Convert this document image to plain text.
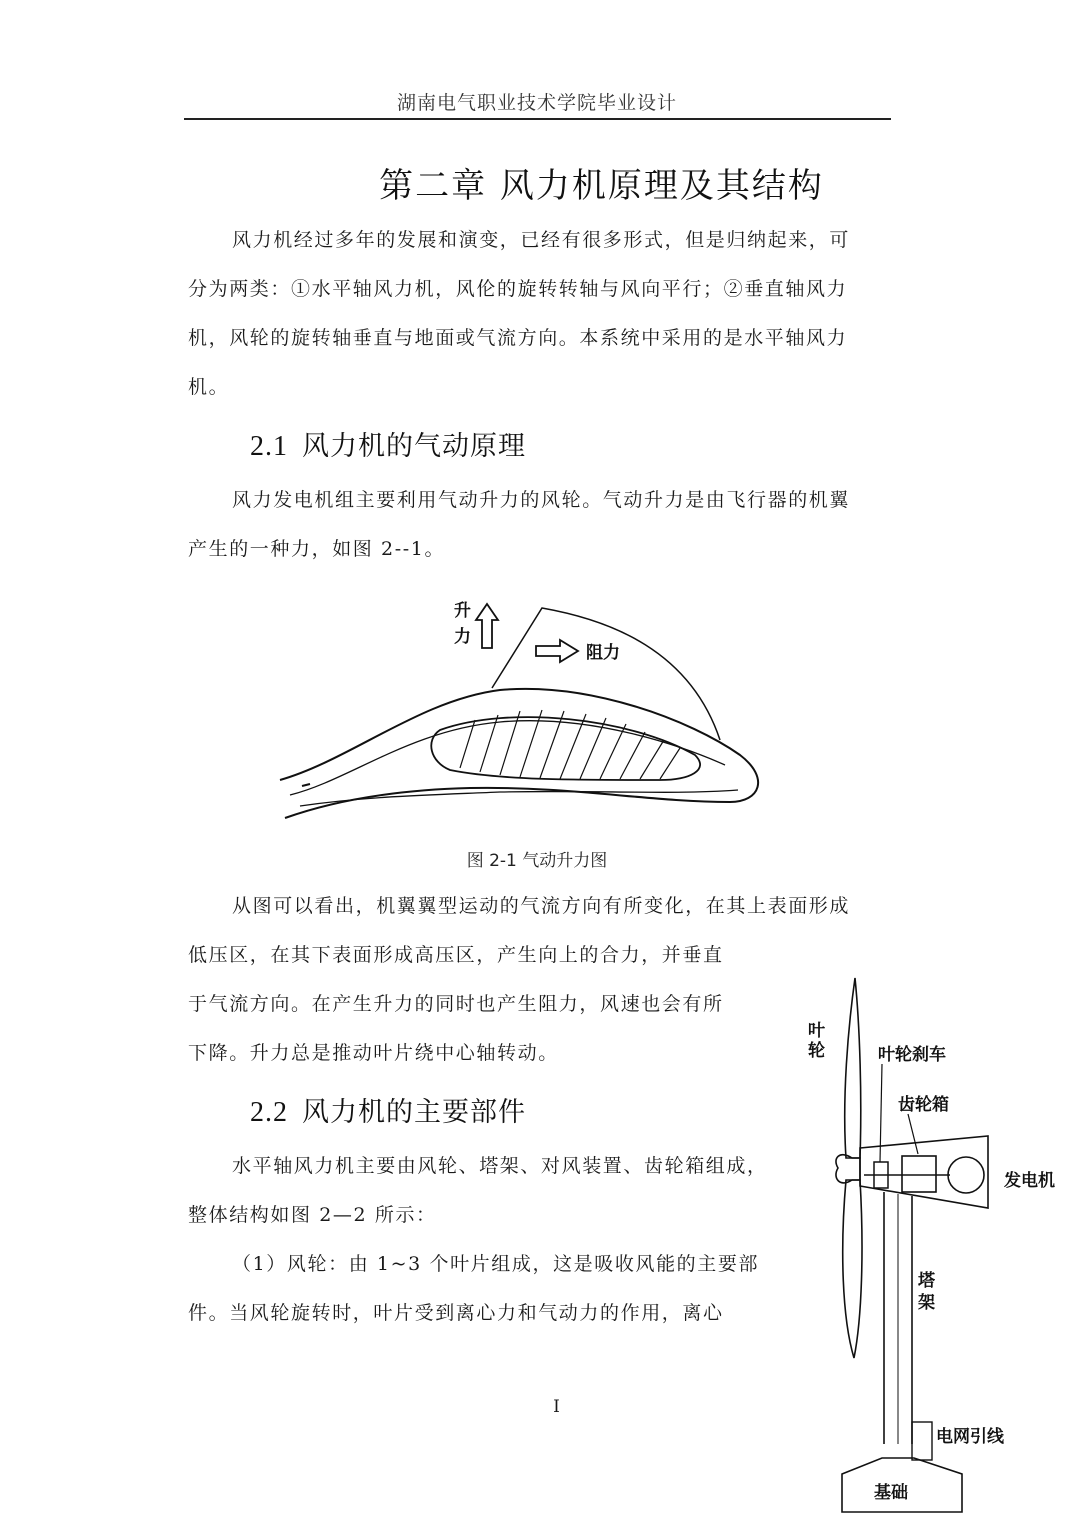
湖南电气职业技术学院毕业设计
第二章 风力机原理及其结构

风力机经过多年的发展和演变，已经有很多形式，但是归纳起来，可

分为两类：①水平轴风力机，风伦的旋转转轴与风向平行；②垂直轴风力

机，风轮的旋转轴垂直与地面或气流方向。本系统中采用的是水平轴风力

机。

2.1 风力机的气动原理

风力发电机组主要利用气动升力的风轮。气动升力是由飞行器的机翼

产生的一种力，如图 2--1。

升
力
阻力
图 2-1 气动升力图

从图可以看出，机翼翼型运动的气流方向有所变化，在其上表面形成

低压区，在其下表面形成高压区，产生向上的合力，并垂直

于气流方向。在产生升力的同时也产生阻力，风速也会有所

下降。升力总是推动叶片绕中心轴转动。

2.2 风力机的主要部件

水平轴风力机主要由风轮、塔架、对风装置、齿轮箱组成，

整体结构如图 2—2 所示：

（1）风轮：由 1~3 个叶片组成，这是吸收风能的主要部

件。当风轮旋转时，叶片受到离心力和气动力的作用，离心

叶
轮	叶轮刹车
齿轮箱
发电机
塔
架
电网引线
基础
I
